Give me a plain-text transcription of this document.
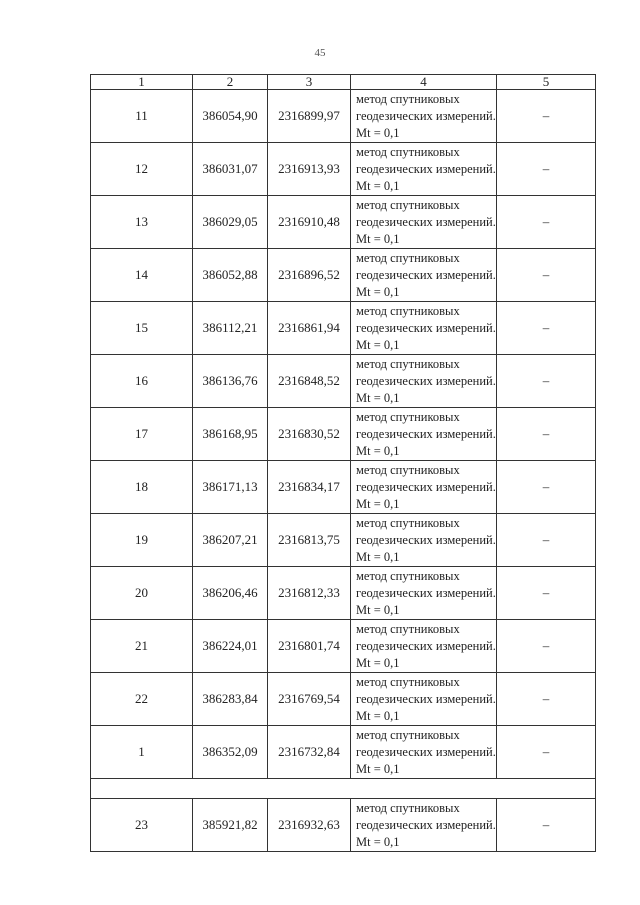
45
1	2	3	4	5
11	386054,90	2316899,97	метод спутниковых геодезических измерений. Mt = 0,1	–
12	386031,07	2316913,93	метод спутниковых геодезических измерений. Mt = 0,1	–
13	386029,05	2316910,48	метод спутниковых геодезических измерений. Mt = 0,1	–
14	386052,88	2316896,52	метод спутниковых геодезических измерений. Mt = 0,1	–
15	386112,21	2316861,94	метод спутниковых геодезических измерений. Mt = 0,1	–
16	386136,76	2316848,52	метод спутниковых геодезических измерений. Mt = 0,1	–
17	386168,95	2316830,52	метод спутниковых геодезических измерений. Mt = 0,1	–
18	386171,13	2316834,17	метод спутниковых геодезических измерений. Mt = 0,1	–
19	386207,21	2316813,75	метод спутниковых геодезических измерений. Mt = 0,1	–
20	386206,46	2316812,33	метод спутниковых геодезических измерений. Mt = 0,1	–
21	386224,01	2316801,74	метод спутниковых геодезических измерений. Mt = 0,1	–
22	386283,84	2316769,54	метод спутниковых геодезических измерений. Mt = 0,1	–
1	386352,09	2316732,84	метод спутниковых геодезических измерений. Mt = 0,1	–

23	385921,82	2316932,63	метод спутниковых геодезических измерений. Mt = 0,1	–
